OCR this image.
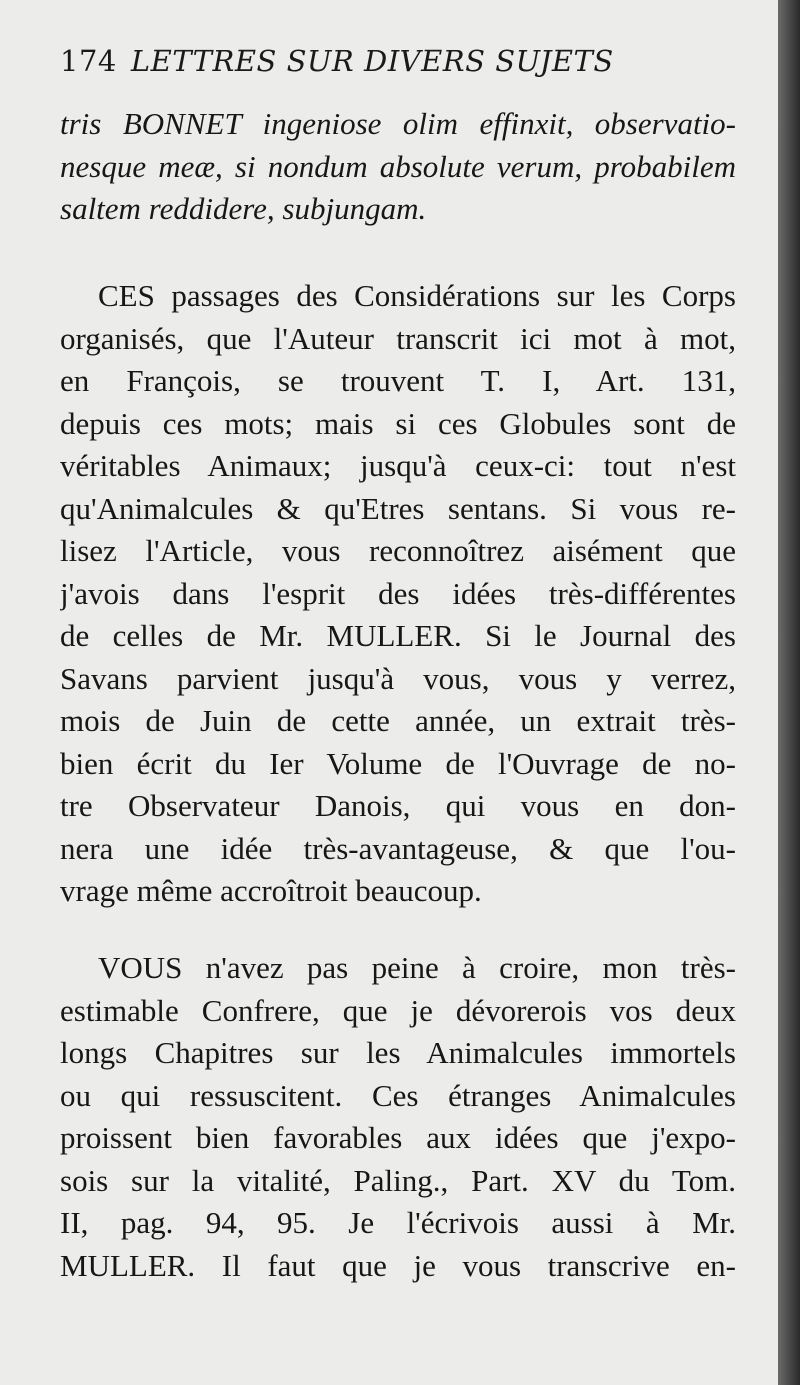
174 LETTRES SUR DIVERS SUJETS
tris BONNET ingeniose olim effinxit, observatio-
nesque meæ, si nondum absolute verum, probabilem
saltem reddidere, subjungam.
CES passages des Considérations sur les Corps
organisés, que l'Auteur transcrit ici mot à mot,
en François, se trouvent T. I, Art. 131,
depuis ces mots; mais si ces Globules sont de
véritables Animaux; jusqu'à ceux-ci: tout n'est
qu'Animalcules & qu'Etres sentans. Si vous re-
lisez l'Article, vous reconnoîtrez aisément que
j'avois dans l'esprit des idées très-différentes
de celles de Mr. MULLER. Si le Journal des
Savans parvient jusqu'à vous, vous y verrez,
mois de Juin de cette année, un extrait très-
bien écrit du Ier Volume de l'Ouvrage de no-
tre Observateur Danois, qui vous en don-
nera une idée très-avantageuse, & que l'ou-
vrage même accroîtroit beaucoup.
VOUS n'avez pas peine à croire, mon très-
estimable Confrere, que je dévorerois vos deux
longs Chapitres sur les Animalcules immortels
ou qui ressuscitent. Ces étranges Animalcules
proissent bien favorables aux idées que j'expo-
sois sur la vitalité, Paling., Part. XV du Tom.
II, pag. 94, 95. Je l'écrivois aussi à Mr.
MULLER. Il faut que je vous transcrive en-
